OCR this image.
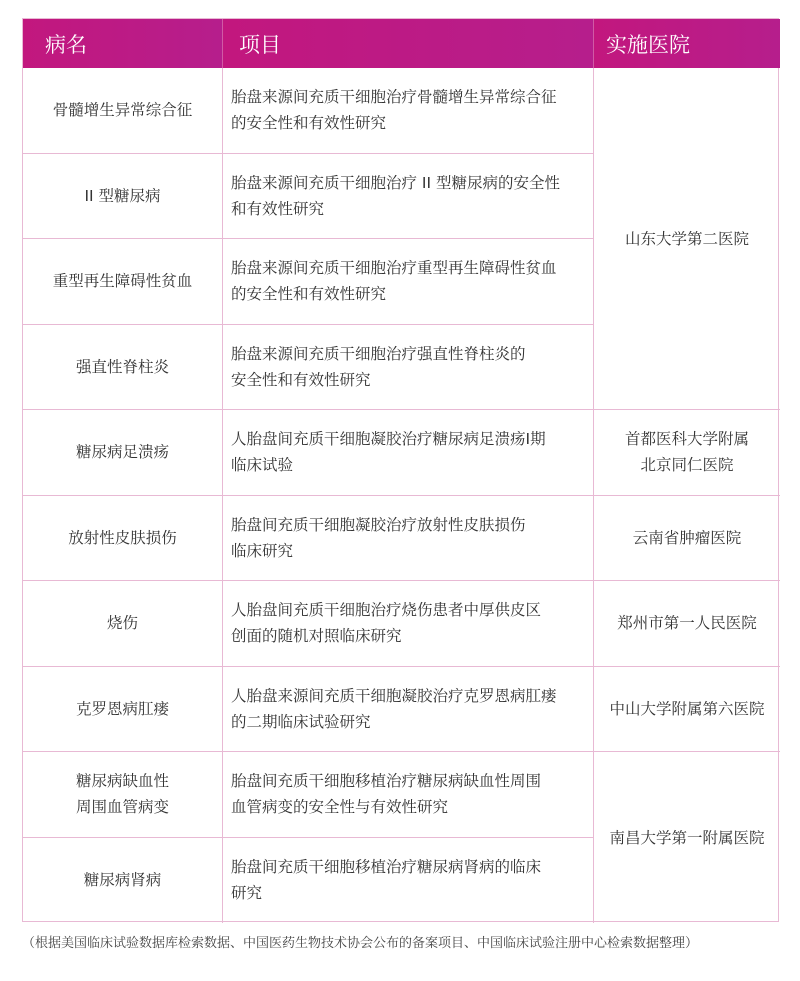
病名	项目	实施医院
骨髓增生异常综合征
胎盘来源间充质干细胞治疗骨髓增生异常综合征
的安全性和有效性研究
II 型糖尿病
胎盘来源间充质干细胞治疗 II 型糖尿病的安全性
和有效性研究
重型再生障碍性贫血
胎盘来源间充质干细胞治疗重型再生障碍性贫血
的安全性和有效性研究
强直性脊柱炎
胎盘来源间充质干细胞治疗强直性脊柱炎的
安全性和有效性研究
糖尿病足溃疡
人胎盘间充质干细胞凝胶治疗糖尿病足溃疡I期
临床试验
放射性皮肤损伤
胎盘间充质干细胞凝胶治疗放射性皮肤损伤
临床研究
烧伤
人胎盘间充质干细胞治疗烧伤患者中厚供皮区
创面的随机对照临床研究
克罗恩病肛瘘
人胎盘来源间充质干细胞凝胶治疗克罗恩病肛瘘
的二期临床试验研究
糖尿病缺血性
周围血管病变
胎盘间充质干细胞移植治疗糖尿病缺血性周围
血管病变的安全性与有效性研究
糖尿病肾病
胎盘间充质干细胞移植治疗糖尿病肾病的临床
研究
山东大学第二医院
首都医科大学附属
北京同仁医院
云南省肿瘤医院
郑州市第一人民医院
中山大学附属第六医院
南昌大学第一附属医院
（根据美国临床试验数据库检索数据、中国医药生物技术协会公布的备案项目、中国临床试验注册中心检索数据整理）
